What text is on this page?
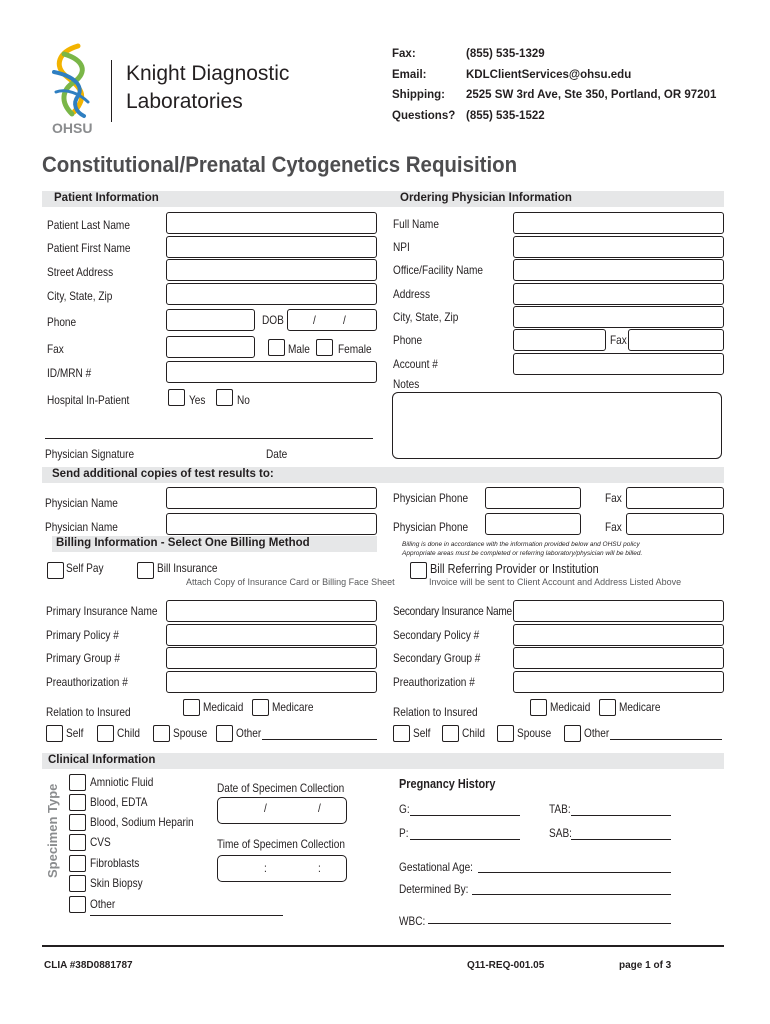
OHSU
Knight Diagnostic
Laboratories
Fax:	(855) 535-1329
Email:	KDLClientServices@ohsu.edu
Shipping:	2525 SW 3rd Ave, Ste 350, Portland, OR 97201
Questions? (855) 535-1522
Constitutional/Prenatal Cytogenetics Requisition
Patient Information	Ordering Physician Information
Patient Last Name
Patient First Name
Street Address
City, State, Zip
Phone	DOB / /
Fax	Male Female
ID/MRN #
Hospital In-Patient	Yes	No
Physician Signature	Date
Full Name
NPI
Office/Facility Name
Address
City, State, Zip
Phone	Fax
Account #
Notes
Send additional copies of test results to:
Physician Name	Physician Phone	Fax
Physician Name	Physician Phone	Fax
Billing Information - Select One Billing Method	Billing is done in accordance with the information provided below and OHSU policy
Appropriate areas must be completed or referring laboratory/physician will be billed.
Self Pay	Bill Insurance
Attach Copy of Insurance Card or Billing Face Sheet
Bill Referring Provider or Institution
Invoice will be sent to Client Account and Address Listed Above
Primary Insurance Name
Primary Policy #
Primary Group #
Preauthorization #
Relation to Insured	Medicaid Medicare
Self	Child	Spouse Other
Secondary Insurance Name
Secondary Policy #
Secondary Group #
Preauthorization #
Relation to Insured	Medicaid Medicare
Self	Child	Spouse	Other
Clinical Information
Specimen Type
Amniotic Fluid
Blood, EDTA
Blood, Sodium Heparin
CVS
Fibroblasts
Skin Biopsy
Other
Date of Specimen Collection
/	/
Time of Specimen Collection
:	:
Pregnancy History
G:	TAB:
P:	SAB:
Gestational Age:
Determined By:
WBC:
CLIA #38D0881787	Q11-REQ-001.05	page 1 of 3
